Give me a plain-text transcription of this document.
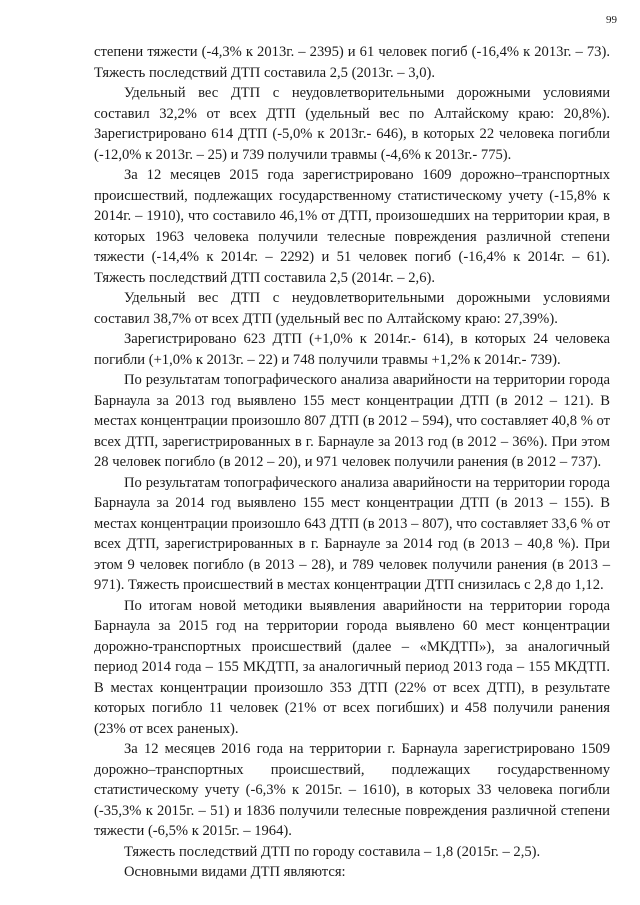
99

степени тяжести (-4,3% к 2013г. – 2395) и 61 человек погиб (-16,4% к 2013г. – 73). Тяжесть последствий ДТП составила 2,5 (2013г. – 3,0).

Удельный вес ДТП с неудовлетворительными дорожными условиями составил 32,2% от всех ДТП (удельный вес по Алтайскому краю: 20,8%). Зарегистрировано 614 ДТП (-5,0% к 2013г.- 646), в которых 22 человека погибли (-12,0% к 2013г. – 25) и 739 получили травмы (-4,6% к 2013г.- 775).

За 12 месяцев 2015 года зарегистрировано 1609 дорожно–транспортных происшествий, подлежащих государственному статистическому учету (-15,8% к 2014г. – 1910), что составило 46,1% от ДТП, произошедших на территории края, в которых 1963 человека получили телесные повреждения различной степени тяжести (-14,4% к 2014г. – 2292) и 51 человек погиб (-16,4% к 2014г. – 61). Тяжесть последствий ДТП составила 2,5 (2014г. – 2,6).

Удельный вес ДТП с неудовлетворительными дорожными условиями составил 38,7% от всех ДТП (удельный вес по Алтайскому краю: 27,39%).

Зарегистрировано 623 ДТП (+1,0% к 2014г.- 614), в которых 24 человека погибли (+1,0% к 2013г. – 22) и 748 получили травмы +1,2% к 2014г.- 739).

По результатам топографического анализа аварийности на территории города Барнаула за 2013 год выявлено 155 мест концентрации ДТП (в 2012 – 121). В местах концентрации произошло 807 ДТП (в 2012 – 594), что составляет 40,8 % от всех ДТП, зарегистрированных в г. Барнауле за 2013 год (в 2012 – 36%). При этом 28 человек погибло (в 2012 – 20), и 971 человек получили ранения (в 2012 – 737).

По результатам топографического анализа аварийности на территории города Барнаула за 2014 год выявлено 155 мест концентрации ДТП (в 2013 – 155). В местах концентрации произошло 643 ДТП (в 2013 – 807), что составляет 33,6 % от всех ДТП, зарегистрированных в г. Барнауле за 2014 год (в 2013 – 40,8 %). При этом 9 человек погибло (в 2013 – 28), и 789 человек получили ранения (в 2013 – 971). Тяжесть происшествий в местах концентрации ДТП снизилась с 2,8 до 1,12.

По итогам новой методики выявления аварийности на территории города Барнаула за 2015 год на территории города выявлено 60 мест концентрации дорожно-транспортных происшествий (далее – «МКДТП»), за аналогичный период 2014 года – 155 МКДТП, за аналогичный период 2013 года – 155 МКДТП. В местах концентрации произошло 353 ДТП (22% от всех ДТП), в результате которых погибло 11 человек (21% от всех погибших) и 458 получили ранения (23% от всех раненых).

За 12 месяцев 2016 года на территории г. Барнаула зарегистрировано 1509 дорожно–транспортных происшествий, подлежащих государственному статистическому учету (-6,3% к 2015г. – 1610), в которых 33 человека погибли (-35,3% к 2015г. – 51) и 1836 получили телесные повреждения различной степени тяжести (-6,5% к 2015г. – 1964).

Тяжесть последствий ДТП по городу составила – 1,8 (2015г. – 2,5).

Основными видами ДТП являются:
